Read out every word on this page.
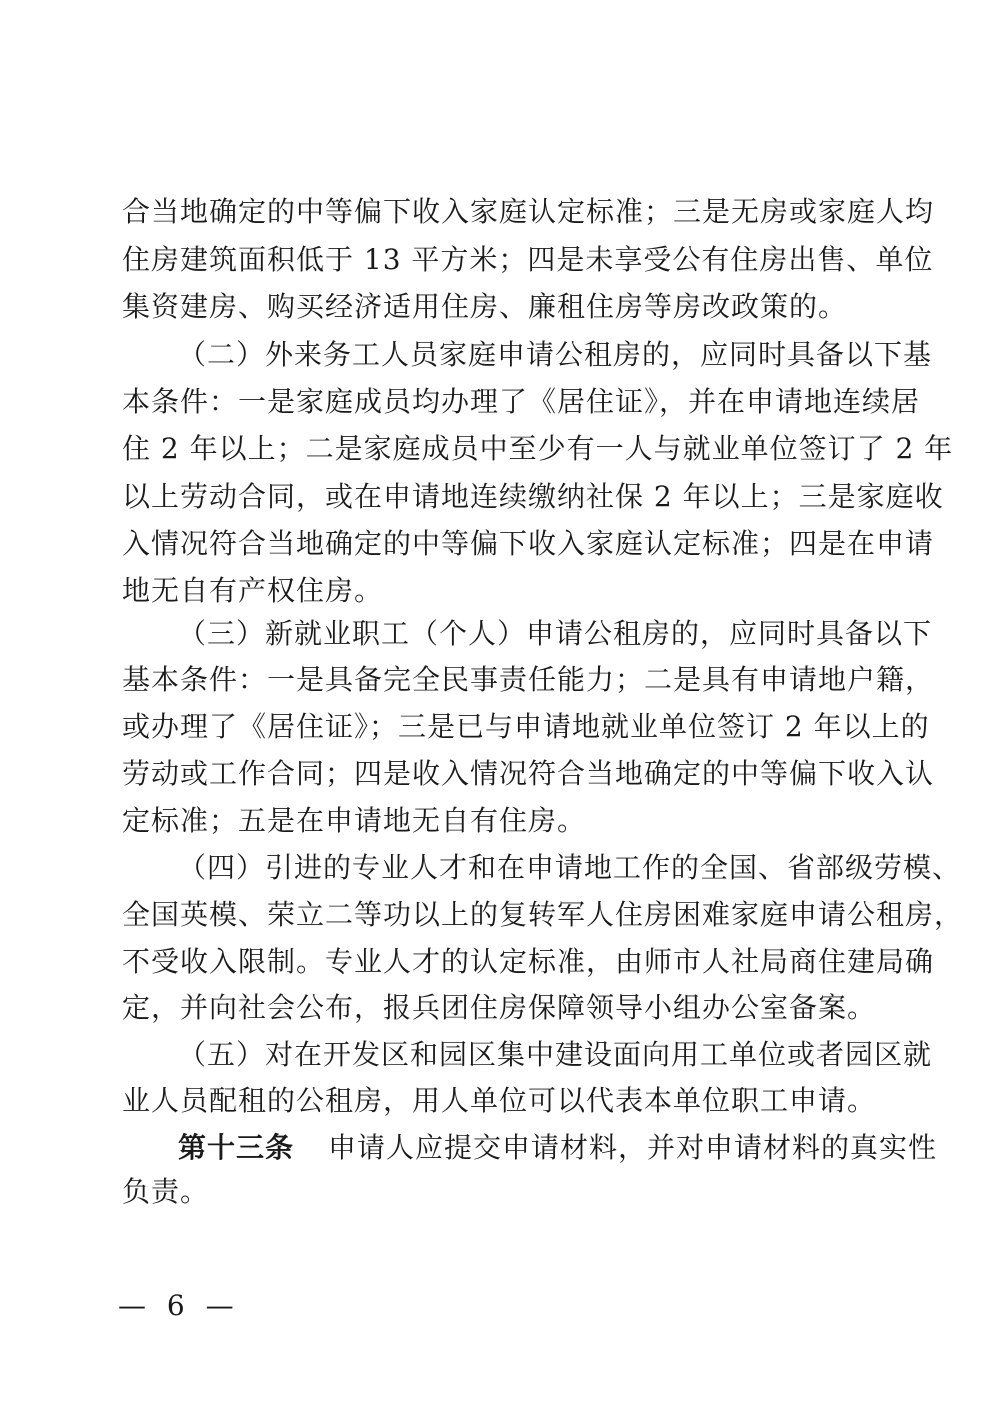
合当地确定的中等偏下收入家庭认定标准；三是无房或家庭人均
住房建筑面积低于 13 平方米；四是未享受公有住房出售、单位
集资建房、购买经济适用住房、廉租住房等房改政策的。
（二）外来务工人员家庭申请公租房的，应同时具备以下基
本条件：一是家庭成员均办理了《居住证》，并在申请地连续居
住 2 年以上；二是家庭成员中至少有一人与就业单位签订了 2 年
以上劳动合同，或在申请地连续缴纳社保 2 年以上；三是家庭收
入情况符合当地确定的中等偏下收入家庭认定标准；四是在申请
地无自有产权住房。
（三）新就业职工（个人）申请公租房的，应同时具备以下
基本条件：一是具备完全民事责任能力；二是具有申请地户籍，
或办理了《居住证》；三是已与申请地就业单位签订 2 年以上的
劳动或工作合同；四是收入情况符合当地确定的中等偏下收入认
定标准；五是在申请地无自有住房。
（四）引进的专业人才和在申请地工作的全国、省部级劳模、
全国英模、荣立二等功以上的复转军人住房困难家庭申请公租房，
不受收入限制。专业人才的认定标准，由师市人社局商住建局确
定，并向社会公布，报兵团住房保障领导小组办公室备案。
（五）对在开发区和园区集中建设面向用工单位或者园区就
业人员配租的公租房，用人单位可以代表本单位职工申请。
第十三条 申请人应提交申请材料，并对申请材料的真实性
负责。
— 6 —
